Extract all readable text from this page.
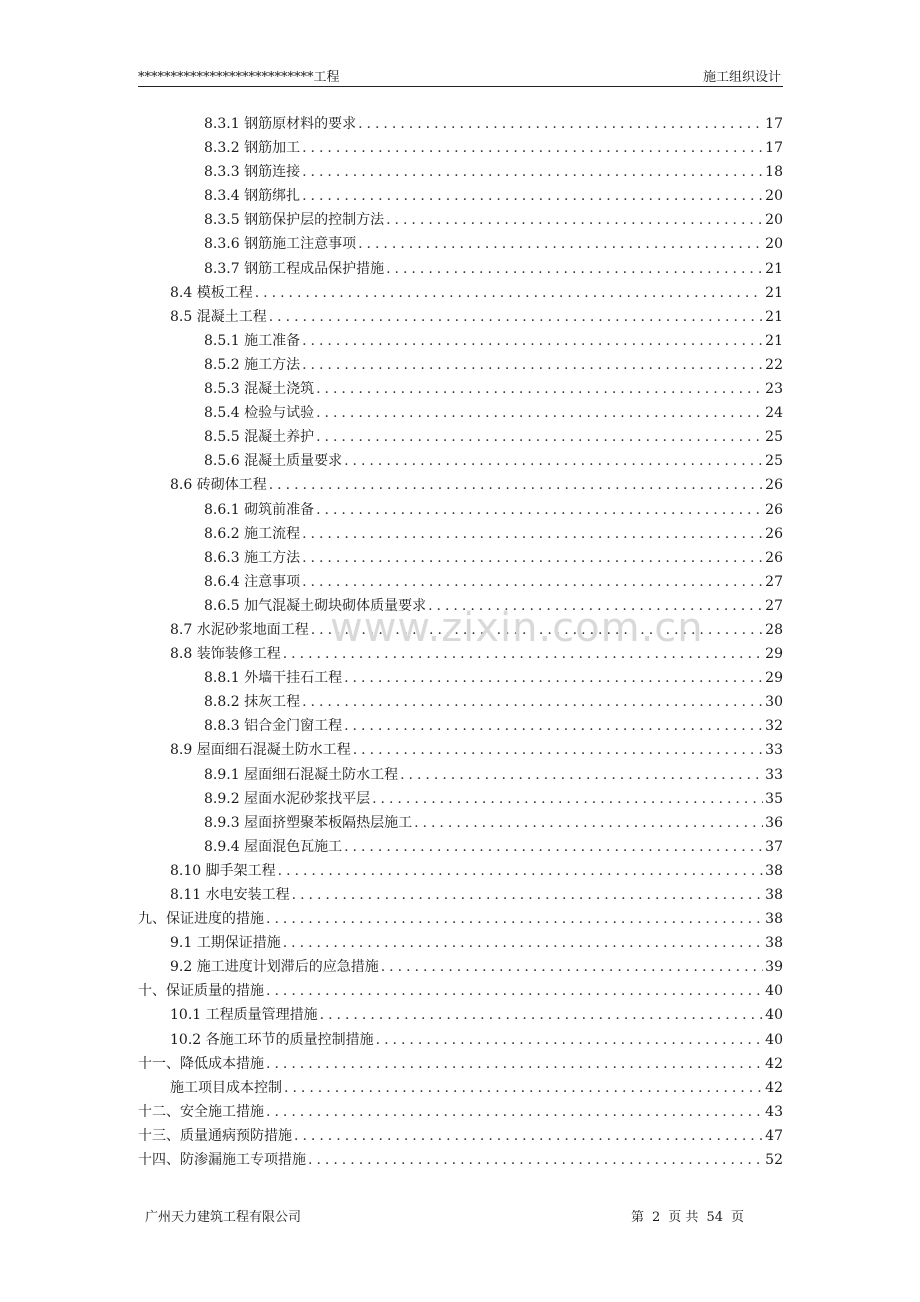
***************************工程	施工组织设计
8.3.1 钢筋原材料的要求 .....	17
8.3.2 钢筋加工 .....	17
8.3.3 钢筋连接 .....	18
8.3.4 钢筋绑扎 .....	20
8.3.5 钢筋保护层的控制方法 .....	20
8.3.6 钢筋施工注意事项 .....	20
8.3.7 钢筋工程成品保护措施 .....	21
8.4 模板工程 .....	21
8.5 混凝土工程 .....	21
8.5.1 施工准备 .....	21
8.5.2 施工方法 .....	22
8.5.3 混凝土浇筑 .....	23
8.5.4 检验与试验 .....	24
8.5.5 混凝土养护 .....	25
8.5.6 混凝土质量要求 .....	25
8.6 砖砌体工程 .....	26
8.6.1 砌筑前准备 .....	26
8.6.2 施工流程 .....	26
8.6.3 施工方法 .....	26
8.6.4 注意事项 .....	27
8.6.5 加气混凝土砌块砌体质量要求 .....	27
8.7 水泥砂浆地面工程 .....	28
8.8 装饰装修工程 .....	29
8.8.1 外墙干挂石工程 .....	29
8.8.2 抹灰工程 .....	30
8.8.3 铝合金门窗工程 .....	32
8.9 屋面细石混凝土防水工程 .....	33
8.9.1 屋面细石混凝土防水工程 .....	33
8.9.2 屋面水泥砂浆找平层 .....	35
8.9.3 屋面挤塑聚苯板隔热层施工 .....	36
8.9.4 屋面混色瓦施工 .....	37
8.10 脚手架工程 .....	38
8.11 水电安装工程 .....	38
九、保证进度的措施 .....	38
9.1 工期保证措施 .....	38
9.2 施工进度计划滞后的应急措施 .....	39
十、保证质量的措施 .....	40
10.1 工程质量管理措施 .....	40
10.2 各施工环节的质量控制措施 .....	40
十一、降低成本措施 .....	42
施工项目成本控制 .....	42
十二、安全施工措施 .....	43
十三、质量通病预防措施 .....	47
十四、防渗漏施工专项措施 .....	52
www.zixin.com.cn
广州天力建筑工程有限公司	第 2 页 共 54 页
